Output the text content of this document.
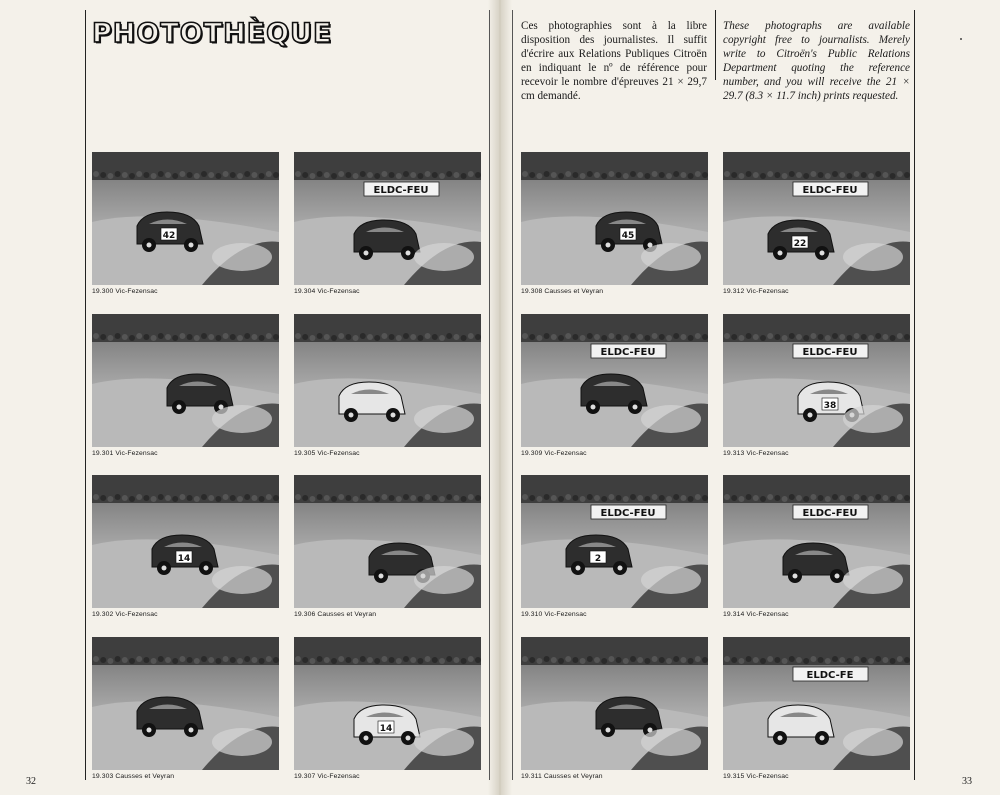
PHOTOTHÈQUE	Ces photographies sont à la libre disposition des journalistes. Il suffit d'écrire aux Relations Publiques Citroën en indiquant le nº de référence pour recevoir le nombre d'épreuves 21 × 29,7 cm demandé.

These photographs are available copyright free to journalists. Merely write to Citroën's Public Relations Department quoting the reference number, and you will receive the 21 × 29.7 (8.3 × 11.7 inch) prints requested.

42
19.300 Vic-Fezensac
ELDC-FEU
19.304 Vic-Fezensac
19.301 Vic-Fezensac	19.305 Vic-Fezensac
14
19.302 Vic-Fezensac	19.306 Causses et Veyran
19.303 Causses et Veyran
14
19.307 Vic-Fezensac
45
19.308 Causses et Veyran
ELDC-FEU
22
19.312 Vic-Fezensac
ELDC-FEU
19.309 Vic-Fezensac
ELDC-FEU
38
19.313 Vic-Fezensac
ELDC-FEU
2
19.310 Vic-Fezensac
ELDC-FEU
19.314 Vic-Fezensac
19.311 Causses et Veyran
ELDC-FE
19.315 Vic-Fezensac
32	33
